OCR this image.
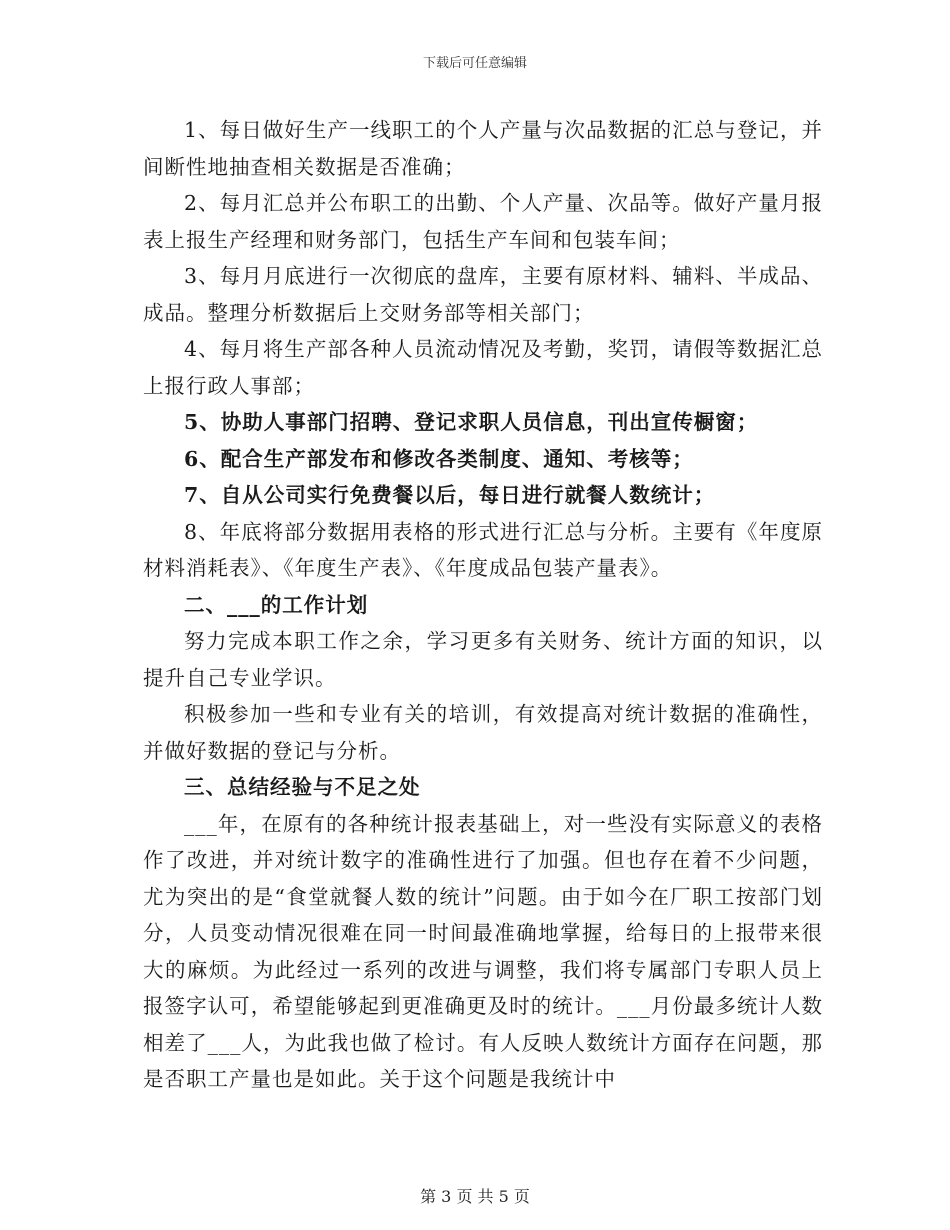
下载后可任意编辑

1、每日做好生产一线职工的个人产量与次品数据的汇总与登记，并间断性地抽查相关数据是否准确；

2、每月汇总并公布职工的出勤、个人产量、次品等。做好产量月报表上报生产经理和财务部门，包括生产车间和包装车间；

3、每月月底进行一次彻底的盘库，主要有原材料、辅料、半成品、成品。整理分析数据后上交财务部等相关部门；

4、每月将生产部各种人员流动情况及考勤，奖罚，请假等数据汇总上报行政人事部；

5、协助人事部门招聘、登记求职人员信息，刊出宣传橱窗；

6、配合生产部发布和修改各类制度、通知、考核等；

7、自从公司实行免费餐以后，每日进行就餐人数统计；

8、年底将部分数据用表格的形式进行汇总与分析。主要有《年度原材料消耗表》、《年度生产表》、《年度成品包装产量表》。

二、___的工作计划

努力完成本职工作之余，学习更多有关财务、统计方面的知识，以提升自己专业学识。

积极参加一些和专业有关的培训，有效提高对统计数据的准确性，并做好数据的登记与分析。

三、总结经验与不足之处

___年，在原有的各种统计报表基础上，对一些没有实际意义的表格作了改进，并对统计数字的准确性进行了加强。但也存在着不少问题，尤为突出的是“食堂就餐人数的统计”问题。由于如今在厂职工按部门划分，人员变动情况很难在同一时间最准确地掌握，给每日的上报带来很大的麻烦。为此经过一系列的改进与调整，我们将专属部门专职人员上报签字认可，希望能够起到更准确更及时的统计。___月份最多统计人数相差了___人，为此我也做了检讨。有人反映人数统计方面存在问题，那是否职工产量也是如此。关于这个问题是我统计中

第 3 页 共 5 页
